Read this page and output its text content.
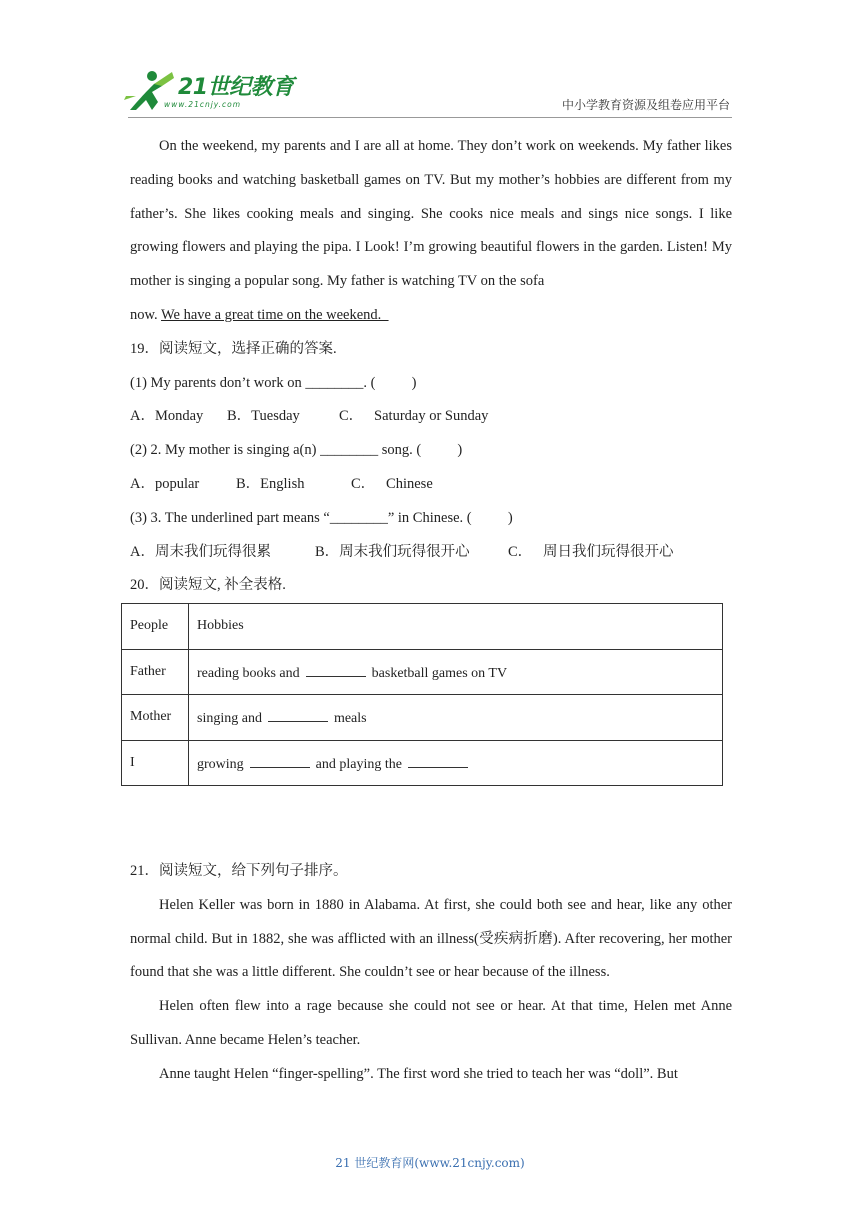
21世纪教育
www.21cnjy.com	中小学教育资源及组卷应用平台

On the weekend, my parents and I are all at home. They don’t work on weekends. My father likes reading books and watching basketball games on TV. But my mother’s hobbies are different from my father’s. She likes cooking meals and singing. She cooks nice meals and sings nice songs. I like growing flowers and playing the pipa. I Look! I’m growing beautiful flowers in the garden. Listen! My mother is singing a popular song. My father is watching TV on the sofa

now. We have a great time on the weekend.
19．阅读短文，选择正确的答案.
(1) My parents don’t work on ________. (          )
A．Monday	B．Tuesday	C．   Saturday or Sunday
(2) 2. My mother is singing a(n) ________ song. (          )
A．popular	B．English	C．   Chinese
(3) 3. The underlined part means “________” in Chinese. (          )
A．周末我们玩得很累	B．周末我们玩得很开心	C．   周日我们玩得很开心
20．阅读短文, 补全表格.
People	Hobbies
Father	reading books and basketball games on TV
Mother	singing and meals
I	growing and playing the
21．阅读短文，给下列句子排序。

Helen Keller was born in 1880 in Alabama. At first, she could both see and hear, like any other normal child. But in 1882, she was afflicted with an illness(受疾病折磨). After recovering, her mother found that she was a little different. She couldn’t see or hear because of the illness.

Helen often flew into a rage because she could not see or hear. At that time, Helen met Anne Sullivan. Anne became Helen’s teacher.

Anne taught Helen “finger-spelling”. The first word she tried to teach her was “doll”. But

21 世纪教育网(www.21cnjy.com)
